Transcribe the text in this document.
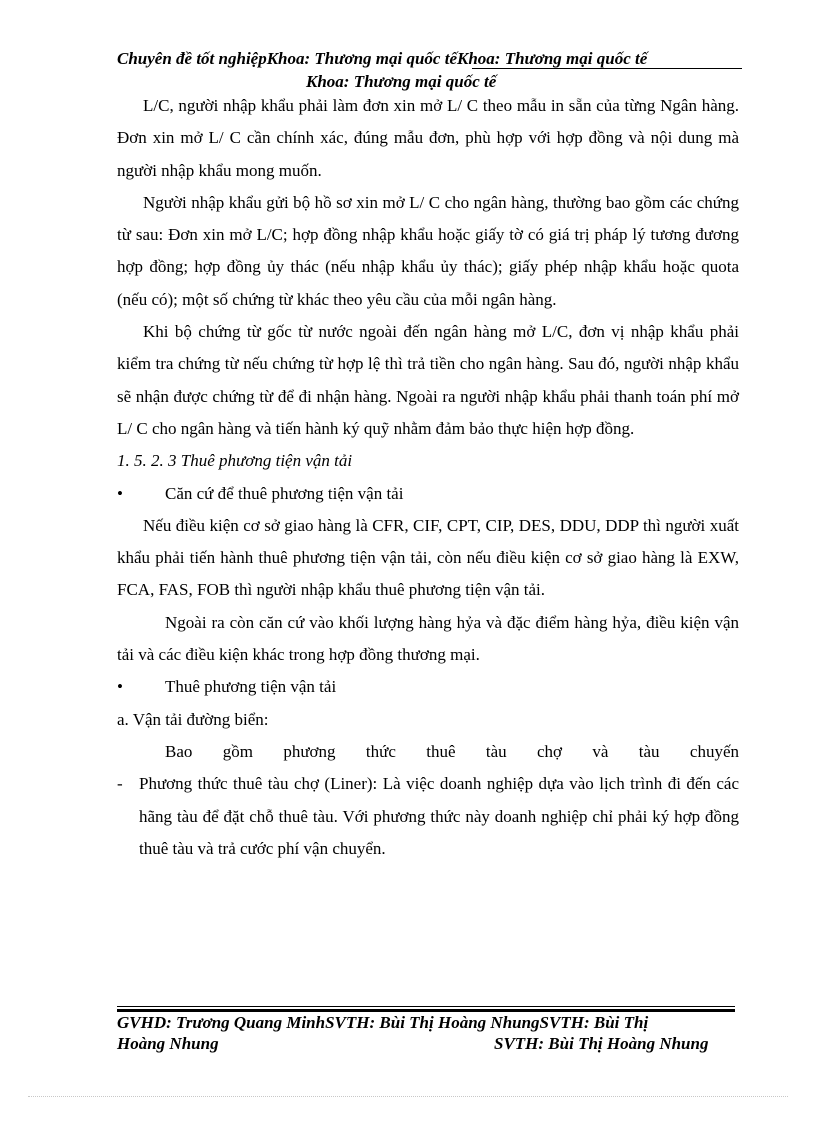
Chuyên đề tốt nghiệpKhoa: Thương mại quốc tếKhoa: Thương mại quốc tế
Khoa: Thương mại quốc tế

L/C, người nhập khẩu phải làm đơn xin mở L/ C theo mẫu in sẵn của từng Ngân hàng. Đơn xin mở L/ C cần chính xác, đúng mẫu đơn, phù hợp với hợp đồng và nội dung mà người nhập khẩu mong muốn.

Người nhập khẩu gửi bộ hồ sơ xin mở L/ C cho ngân hàng, thường bao gồm các chứng từ sau: Đơn xin mở L/C; hợp đồng nhập khẩu hoặc giấy tờ có giá trị pháp lý tương đương hợp đồng; hợp đồng ủy thác (nếu nhập khẩu ủy thác); giấy phép nhập khẩu hoặc quota (nếu có); một số chứng từ khác theo yêu cầu của mỗi ngân hàng.

Khi bộ chứng từ gốc từ nước ngoài đến ngân hàng mở L/C, đơn vị nhập khẩu phải kiểm tra chứng từ nếu chứng từ hợp lệ thì trả tiền cho ngân hàng. Sau đó, người nhập khẩu sẽ nhận được chứng từ để đi nhận hàng. Ngoài ra người nhập khẩu phải thanh toán phí mở L/ C cho ngân hàng và tiến hành ký quỹ nhằm đảm bảo thực hiện hợp đồng.

1. 5. 2. 3 Thuê phương tiện vận tải

• Căn cứ để thuê phương tiện vận tải

Nếu điều kiện cơ sở giao hàng là CFR, CIF, CPT, CIP, DES, DDU, DDP thì người xuất khẩu phải tiến hành thuê phương tiện vận tải, còn nếu điều kiện cơ sở giao hàng là EXW, FCA, FAS, FOB thì người nhập khẩu thuê phương tiện vận tải.

Ngoài ra còn căn cứ vào khối lượng hàng hỷa và đặc điểm hàng hỷa, điều kiện vận tải và các điều kiện khác trong hợp đồng thương mại.

• Thuê phương tiện vận tải

a. Vận tải đường biển:

Bao gồm phương thức thuê tàu chợ và tàu chuyến

- Phương thức thuê tàu chợ (Liner): Là việc doanh nghiệp dựa vào lịch trình đi đến các hãng tàu để đặt chỗ thuê tàu. Với phương thức này doanh nghiệp chỉ phải ký hợp đồng thuê tàu và trả cước phí vận chuyển.

GVHD: Trương Quang MinhSVTH: Bùi Thị Hoàng NhungSVTH: Bùi Thị
Hoàng Nhung	SVTH: Bùi Thị Hoàng Nhung
